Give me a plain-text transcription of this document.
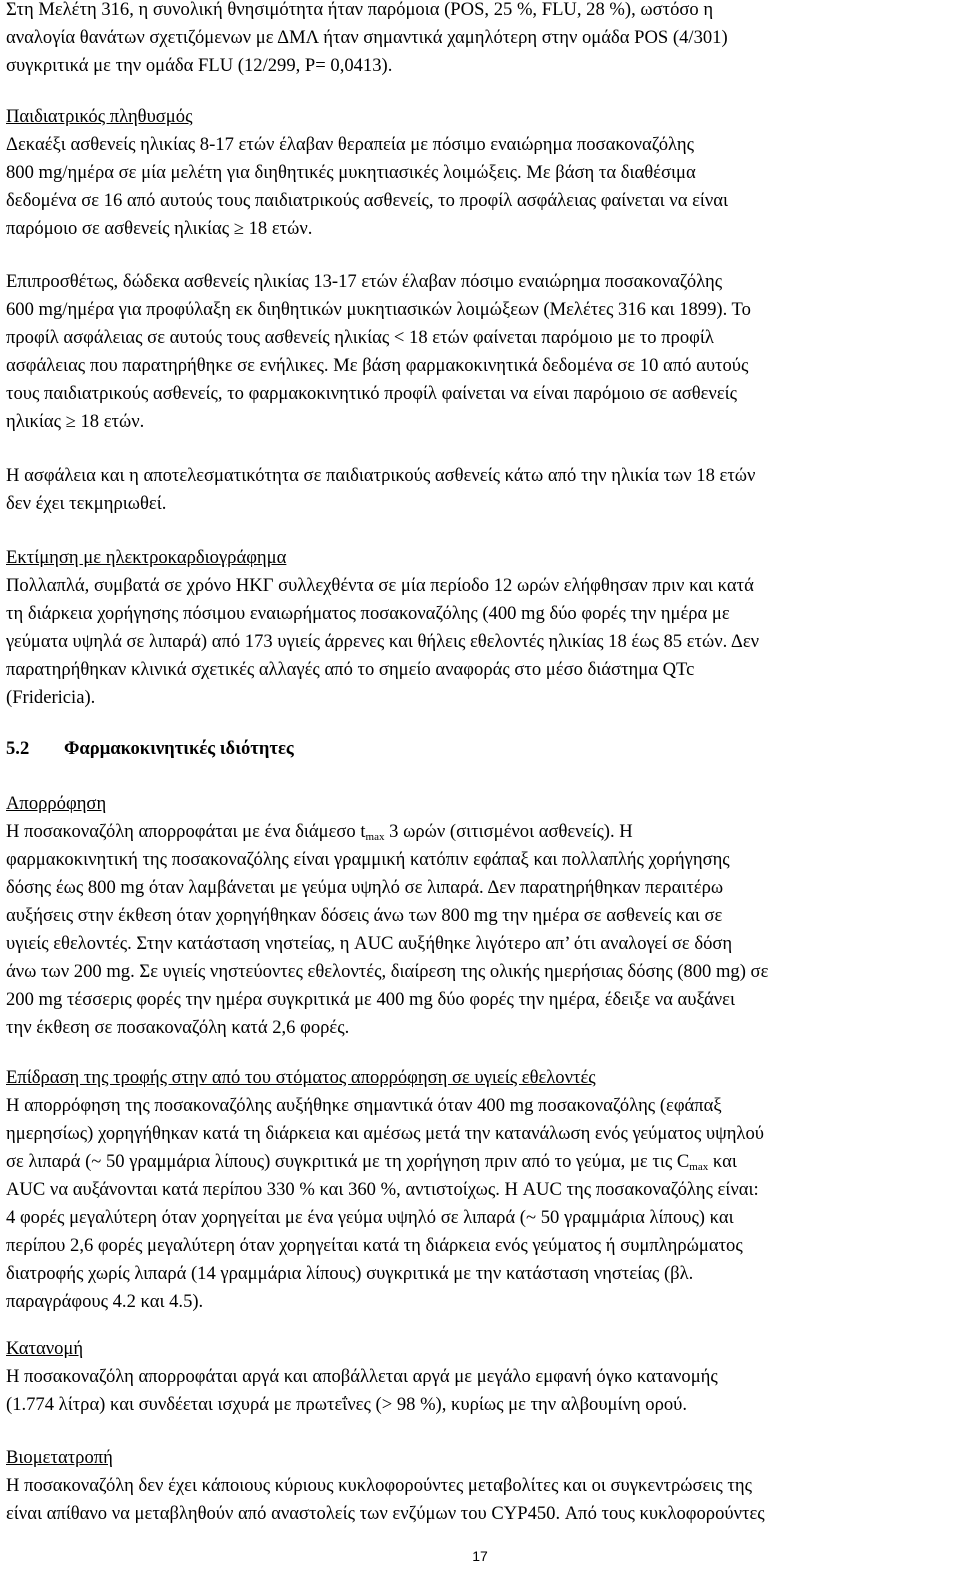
Στη Μελέτη 316, η συνολική θνησιμότητα ήταν παρόμοια (POS, 25 %, FLU, 28 %), ωστόσο η
αναλογία θανάτων σχετιζόμενων με ΔΜΛ ήταν σημαντικά χαμηλότερη στην ομάδα POS (4/301)
συγκριτικά με την ομάδα FLU (12/299, P= 0,0413).
Παιδιατρικός πληθυσμός
Δεκαέξι ασθενείς ηλικίας 8-17 ετών έλαβαν θεραπεία με πόσιμο εναιώρημα ποσακοναζόλης
800 mg/ημέρα σε μία μελέτη για διηθητικές μυκητιασικές λοιμώξεις. Με βάση τα διαθέσιμα
δεδομένα σε 16 από αυτούς τους παιδιατρικούς ασθενείς, το προφίλ ασφάλειας φαίνεται να είναι
παρόμοιο σε ασθενείς ηλικίας ≥ 18 ετών.
Επιπροσθέτως, δώδεκα ασθενείς ηλικίας 13-17 ετών έλαβαν πόσιμο εναιώρημα ποσακοναζόλης
600 mg/ημέρα για προφύλαξη εκ διηθητικών μυκητιασικών λοιμώξεων (Μελέτες 316 και 1899). Το
προφίλ ασφάλειας σε αυτούς τους ασθενείς ηλικίας < 18 ετών φαίνεται παρόμοιο με το προφίλ
ασφάλειας που παρατηρήθηκε σε ενήλικες. Με βάση φαρμακοκινητικά δεδομένα σε 10 από αυτούς
τους παιδιατρικούς ασθενείς, το φαρμακοκινητικό προφίλ φαίνεται να είναι παρόμοιο σε ασθενείς
ηλικίας ≥ 18 ετών.
Η ασφάλεια και η αποτελεσματικότητα σε παιδιατρικούς ασθενείς κάτω από την ηλικία των 18 ετών
δεν έχει τεκμηριωθεί.
Εκτίμηση με ηλεκτροκαρδιογράφημα
Πολλαπλά, συμβατά σε χρόνο ΗΚΓ συλλεχθέντα σε μία περίοδο 12 ωρών ελήφθησαν πριν και κατά
τη διάρκεια χορήγησης πόσιμου εναιωρήματος ποσακοναζόλης (400 mg δύο φορές την ημέρα με
γεύματα υψηλά σε λιπαρά) από 173 υγιείς άρρενες και θήλεις εθελοντές ηλικίας 18 έως 85 ετών. Δεν
παρατηρήθηκαν κλινικά σχετικές αλλαγές από το σημείο αναφοράς στο μέσο διάστημα QTc
(Fridericia).
5.2 Φαρμακοκινητικές ιδιότητες
Απορρόφηση
Η ποσακοναζόλη απορροφάται με ένα διάμεσο $t_{max}$ 3 ωρών (σιτισμένοι ασθενείς). Η
φαρμακοκινητική της ποσακοναζόλης είναι γραμμική κατόπιν εφάπαξ και πολλαπλής χορήγησης
δόσης έως 800 mg όταν λαμβάνεται με γεύμα υψηλό σε λιπαρά. Δεν παρατηρήθηκαν περαιτέρω
αυξήσεις στην έκθεση όταν χορηγήθηκαν δόσεις άνω των 800 mg την ημέρα σε ασθενείς και σε
υγιείς εθελοντές. Στην κατάσταση νηστείας, η AUC αυξήθηκε λιγότερο απ’ ότι αναλογεί σε δόση
άνω των 200 mg. Σε υγιείς νηστεύοντες εθελοντές, διαίρεση της ολικής ημερήσιας δόσης (800 mg) σε
200 mg τέσσερις φορές την ημέρα συγκριτικά με 400 mg δύο φορές την ημέρα, έδειξε να αυξάνει
την έκθεση σε ποσακοναζόλη κατά 2,6 φορές.
Επίδραση της τροφής στην από του στόματος απορρόφηση σε υγιείς εθελοντές
Η απορρόφηση της ποσακοναζόλης αυξήθηκε σημαντικά όταν 400 mg ποσακοναζόλης (εφάπαξ
ημερησίως) χορηγήθηκαν κατά τη διάρκεια και αμέσως μετά την κατανάλωση ενός γεύματος υψηλού
σε λιπαρά (~ 50 γραμμάρια λίπους) συγκριτικά με τη χορήγηση πριν από το γεύμα, με τις $C_{max}$ και
AUC να αυξάνονται κατά περίπου 330 % και 360 %, αντιστοίχως. Η AUC της ποσακοναζόλης είναι:
4 φορές μεγαλύτερη όταν χορηγείται με ένα γεύμα υψηλό σε λιπαρά (~ 50 γραμμάρια λίπους) και
περίπου 2,6 φορές μεγαλύτερη όταν χορηγείται κατά τη διάρκεια ενός γεύματος ή συμπληρώματος
διατροφής χωρίς λιπαρά (14 γραμμάρια λίπους) συγκριτικά με την κατάσταση νηστείας (βλ.
παραγράφους 4.2 και 4.5).
Κατανομή
Η ποσακοναζόλη απορροφάται αργά και αποβάλλεται αργά με μεγάλο εμφανή όγκο κατανομής
(1.774 λίτρα) και συνδέεται ισχυρά με πρωτεΐνες (> 98 %), κυρίως με την αλβουμίνη ορού.
Βιομετατροπή
Η ποσακοναζόλη δεν έχει κάποιους κύριους κυκλοφορούντες μεταβολίτες και οι συγκεντρώσεις της
είναι απίθανο να μεταβληθούν από αναστολείς των ενζύμων του CYP450. Από τους κυκλοφορούντες
17
